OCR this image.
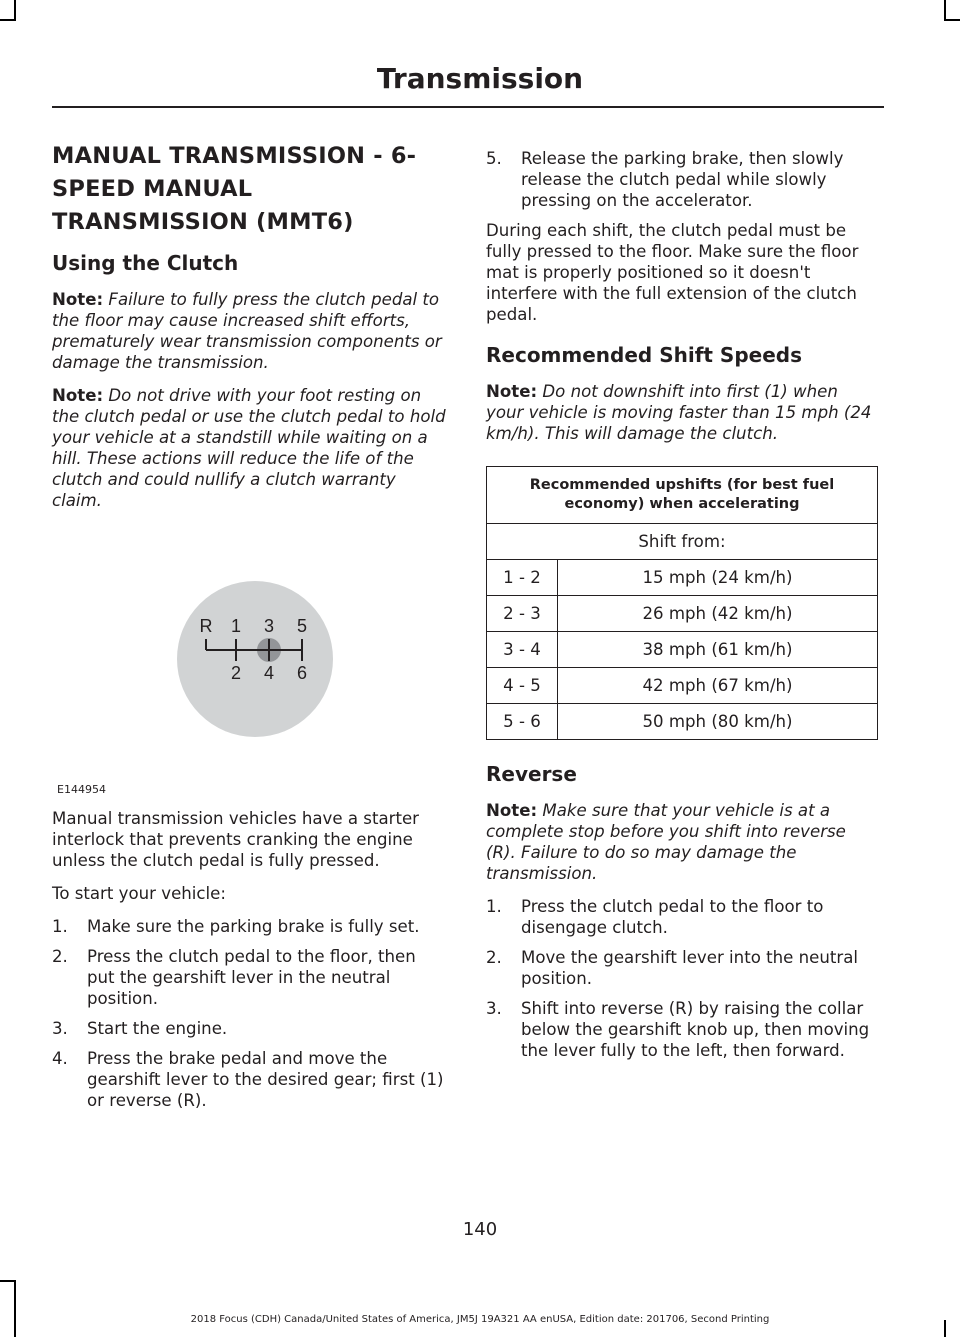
Transmission
MANUAL TRANSMISSION - 6-SPEED MANUAL TRANSMISSION (MMT6)
Using the Clutch

Note: Failure to fully press the clutch pedal to the floor may cause increased shift efforts, prematurely wear transmission components or damage the transmission.

Note: Do not drive with your foot resting on the clutch pedal or use the clutch pedal to hold your vehicle at a standstill while waiting on a hill. These actions will reduce the life of the clutch and could nullify a clutch warranty claim.

R 1 3 5
2 4 6
E144954

Manual transmission vehicles have a starter interlock that prevents cranking the engine unless the clutch pedal is fully pressed.

To start your vehicle:

1. Make sure the parking brake is fully set.
2. Press the clutch pedal to the floor, then put the gearshift lever in the neutral position.
3. Start the engine.
4. Press the brake pedal and move the gearshift lever to the desired gear; first (1) or reverse (R).
5. Release the parking brake, then slowly release the clutch pedal while slowly pressing on the accelerator.

During each shift, the clutch pedal must be fully pressed to the floor. Make sure the floor mat is properly positioned so it doesn't interfere with the full extension of the clutch pedal.

Recommended Shift Speeds

Note: Do not downshift into first (1) when your vehicle is moving faster than 15 mph (24 km/h). This will damage the clutch.

Recommended upshifts (for best fuel economy) when accelerating	
Shift from:	
1 - 2	15 mph (24 km/h)
2 - 3	26 mph (42 km/h)
3 - 4	38 mph (61 km/h)
4 - 5	42 mph (67 km/h)
5 - 6	50 mph (80 km/h)
Reverse

Note: Make sure that your vehicle is at a complete stop before you shift into reverse (R). Failure to do so may damage the transmission.

1. Press the clutch pedal to the floor to disengage clutch.
2. Move the gearshift lever into the neutral position.
3. Shift into reverse (R) by raising the collar below the gearshift knob up, then moving the lever fully to the left, then forward.
140
2018 Focus (CDH) Canada/United States of America, JM5J 19A321 AA enUSA, Edition date: 201706, Second Printing
